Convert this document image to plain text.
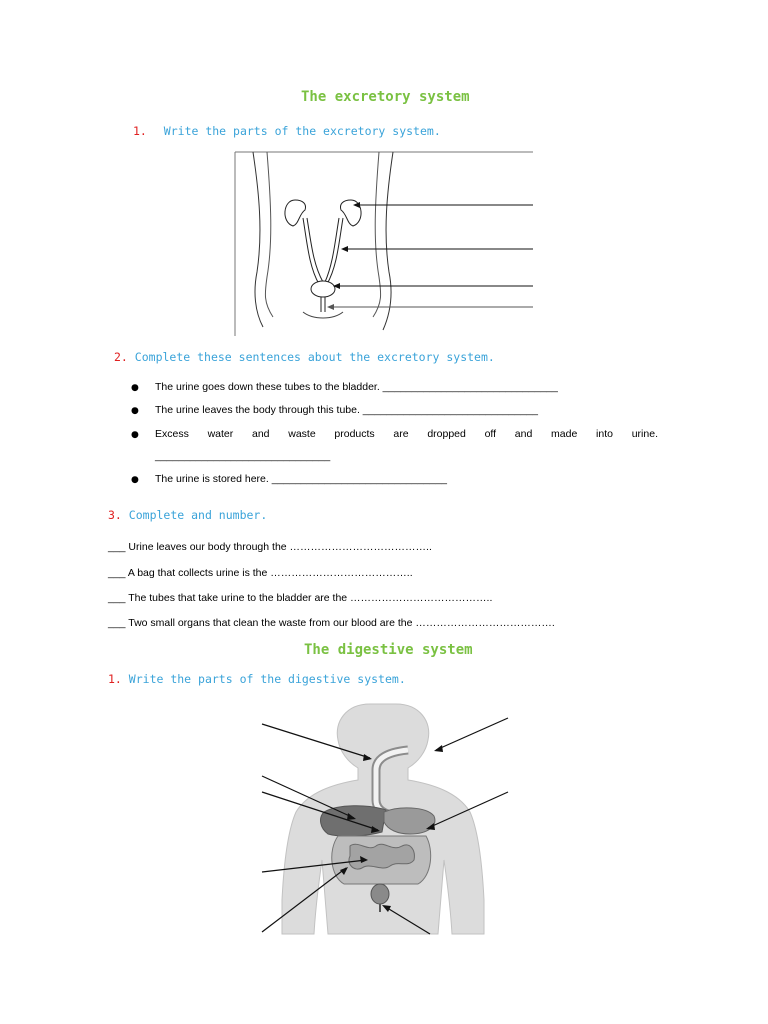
The excretory system
1. Write the parts of the excretory system.
2. Complete these sentences about the excretory system.
● The urine goes down these tubes to the bladder. ______________________________
● The urine leaves the body through this tube. ______________________________
● Excess water and waste products are dropped off and made into urine.
______________________________
● The urine is stored here. ______________________________
3. Complete and number.
___ Urine leaves our body through the …………………………………..
___ A bag that collects urine is the …………………………………..
___ The tubes that take urine to the bladder are the …………………………………..
___ Two small organs that clean the waste from our blood are the ………………………………….
The digestive system
1. Write the parts of the digestive system.
